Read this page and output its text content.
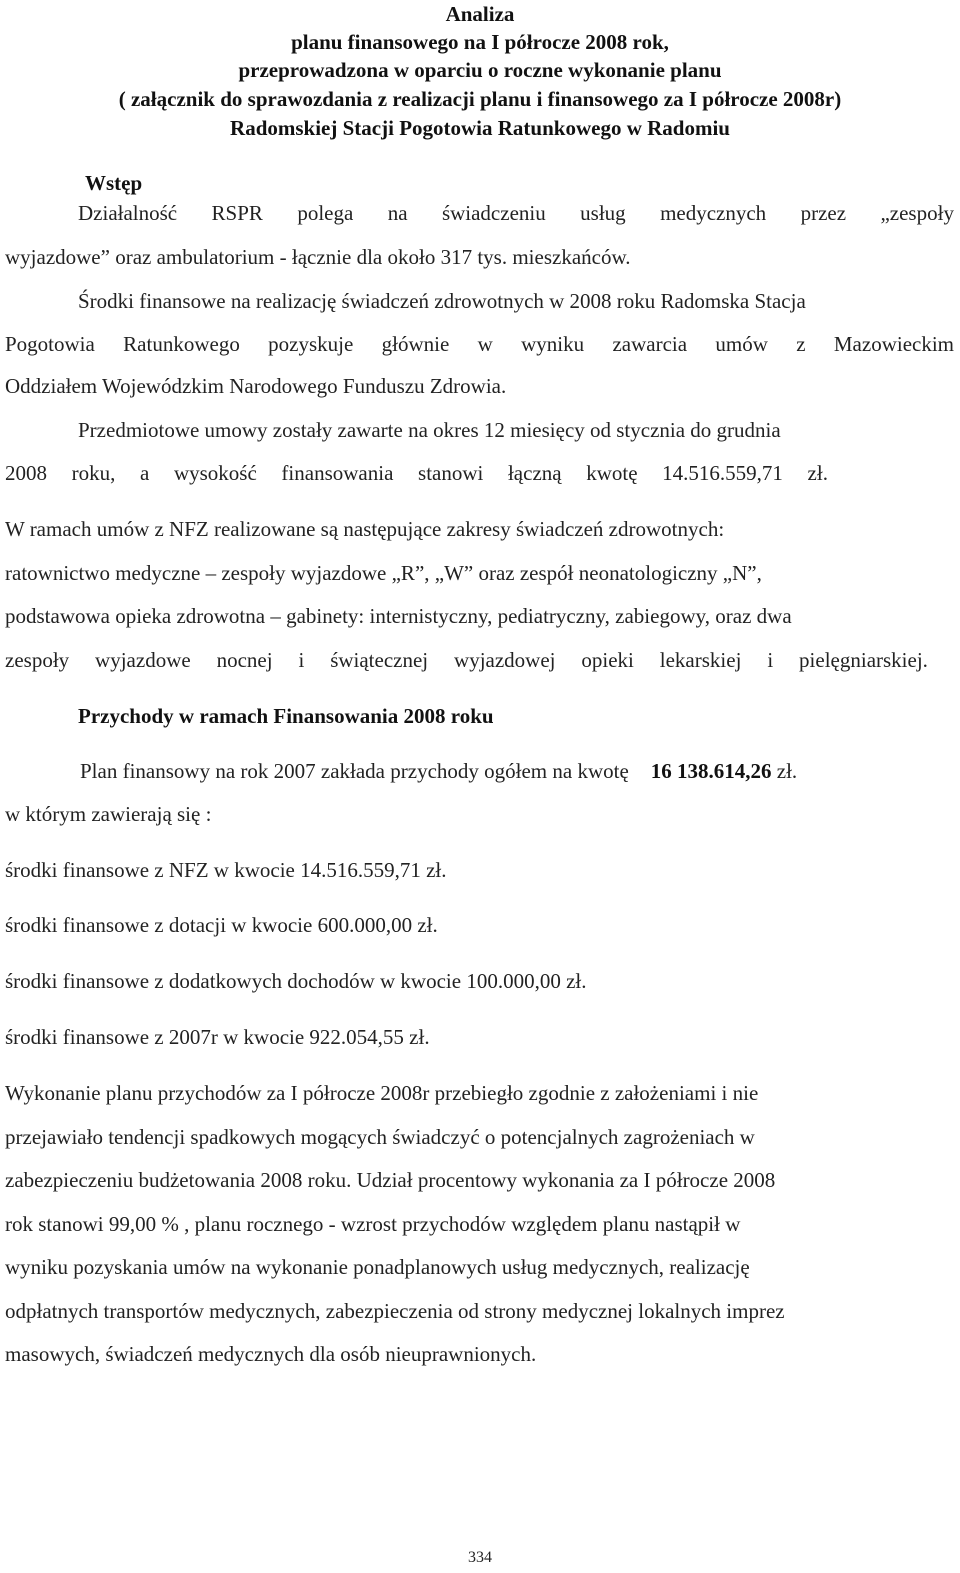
Analiza
planu finansowego na I półrocze 2008 rok,
przeprowadzona w oparciu o roczne wykonanie planu
( załącznik do sprawozdania z realizacji planu i finansowego za I półrocze 2008r)
Radomskiej Stacji Pogotowia Ratunkowego w Radomiu
Wstęp
Działalność RSPR polega na świadczeniu usług medycznych przez „zespoły
wyjazdowe” oraz ambulatorium - łącznie dla około 317 tys. mieszkańców.
Środki finansowe na realizację świadczeń zdrowotnych w 2008 roku Radomska Stacja
Pogotowia Ratunkowego pozyskuje głównie w wyniku zawarcia umów z Mazowieckim
Oddziałem Wojewódzkim Narodowego Funduszu Zdrowia.
Przedmiotowe umowy zostały zawarte na okres 12 miesięcy od stycznia do grudnia
2008 roku, a wysokość finansowania stanowi łączną kwotę 14.516.559,71 zł.
W ramach umów z NFZ realizowane są następujące zakresy świadczeń zdrowotnych:
ratownictwo medyczne – zespoły wyjazdowe „R”, „W” oraz zespół neonatologiczny „N”,
podstawowa opieka zdrowotna – gabinety: internistyczny, pediatryczny, zabiegowy, oraz dwa
zespoły wyjazdowe nocnej i świątecznej wyjazdowej opieki lekarskiej i pielęgniarskiej.
Przychody w ramach Finansowania 2008 roku
Plan finansowy na rok 2007 zakłada przychody ogółem na kwotę 16 138.614,26 zł.
w którym zawierają się :
środki finansowe z NFZ w kwocie 14.516.559,71 zł.
środki finansowe z dotacji w kwocie 600.000,00 zł.
środki finansowe z dodatkowych dochodów w kwocie 100.000,00 zł.
środki finansowe z 2007r w kwocie 922.054,55 zł.
Wykonanie planu przychodów za I półrocze 2008r przebiegło zgodnie z założeniami i nie
przejawiało tendencji spadkowych mogących świadczyć o potencjalnych zagrożeniach w
zabezpieczeniu budżetowania 2008 roku. Udział procentowy wykonania za I półrocze 2008
rok stanowi 99,00 % , planu rocznego - wzrost przychodów względem planu nastąpił w
wyniku pozyskania umów na wykonanie ponadplanowych usług medycznych, realizację
odpłatnych transportów medycznych, zabezpieczenia od strony medycznej lokalnych imprez
masowych, świadczeń medycznych dla osób nieuprawnionych.
334
